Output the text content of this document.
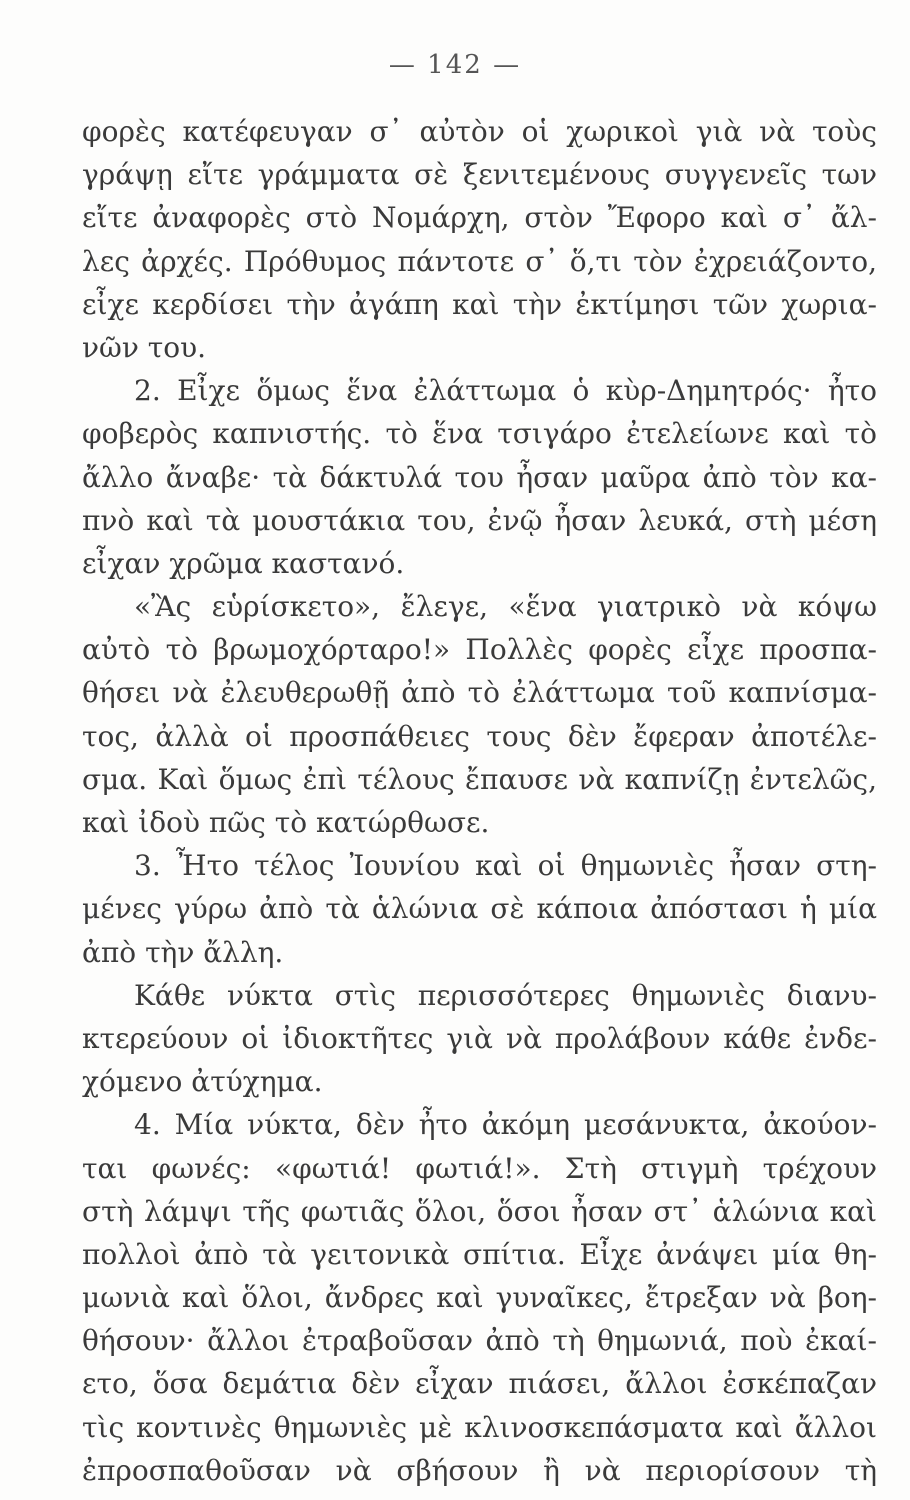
— 142 —
φορὲς κατέφευγαν σ᾿ αὐτὸν οἱ χωρικοὶ γιὰ νὰ τοὺς
γράψῃ εἴτε γράμματα σὲ ξενιτεμένους συγγενεῖς των
εἴτε ἀναφορὲς στὸ Νομάρχη, στὸν Ἔφορο καὶ σ᾿ ἄλ-
λες ἀρχές. Πρόθυμος πάντοτε σ᾿ ὅ,τι τὸν ἐχρειάζοντο,
εἶχε κερδίσει τὴν ἀγάπη καὶ τὴν ἐκτίμησι τῶν χωρια-
νῶν του.
2. Εἶχε ὅμως ἕνα ἐλάττωμα ὁ κὺρ-Δημητρός· ἦτο
φοβερὸς καπνιστής. τὸ ἕνα τσιγάρο ἐτελείωνε καὶ τὸ
ἄλλο ἄναβε· τὰ δάκτυλά του ἦσαν μαῦρα ἀπὸ τὸν κα-
πνὸ καὶ τὰ μουστάκια του, ἐνῷ ἦσαν λευκά, στὴ μέση
εἶχαν χρῶμα καστανό.
«Ἂς εὑρίσκετο», ἔλεγε, «ἕνα γιατρικὸ νὰ κόψω
αὐτὸ τὸ βρωμοχόρταρο!» Πολλὲς φορὲς εἶχε προσπα-
θήσει νὰ ἐλευθερωθῇ ἀπὸ τὸ ἐλάττωμα τοῦ καπνίσμα-
τος, ἀλλὰ οἱ προσπάθειες τους δὲν ἔφεραν ἀποτέλε-
σμα. Καὶ ὅμως ἐπὶ τέλους ἔπαυσε νὰ καπνίζῃ ἐντελῶς,
καὶ ἰδοὺ πῶς τὸ κατώρθωσε.
3. Ἦτο τέλος Ἰουνίου καὶ οἱ θημωνιὲς ἦσαν στη-
μένες γύρω ἀπὸ τὰ ἁλώνια σὲ κάποια ἀπόστασι ἡ μία
ἀπὸ τὴν ἄλλη.
Κάθε νύκτα στὶς περισσότερες θημωνιὲς διανυ-
κτερεύουν οἱ ἰδιοκτῆτες γιὰ νὰ προλάβουν κάθε ἐνδε-
χόμενο ἀτύχημα.
4. Μία νύκτα, δὲν ἦτο ἀκόμη μεσάνυκτα, ἀκούον-
ται φωνές: «φωτιά! φωτιά!». Στὴ στιγμὴ τρέχουν
στὴ λάμψι τῆς φωτιᾶς ὅλοι, ὅσοι ἦσαν στ᾿ ἁλώνια καὶ
πολλοὶ ἀπὸ τὰ γειτονικὰ σπίτια. Εἶχε ἀνάψει μία θη-
μωνιὰ καὶ ὅλοι, ἄνδρες καὶ γυναῖκες, ἔτρεξαν νὰ βοη-
θήσουν· ἄλλοι ἐτραβοῦσαν ἀπὸ τὴ θημωνιά, ποὺ ἐκαί-
ετο, ὅσα δεμάτια δὲν εἶχαν πιάσει, ἄλλοι ἐσκέπαζαν
τὶς κοντινὲς θημωνιὲς μὲ κλινοσκεπάσματα καὶ ἄλλοι
ἐπροσπαθοῦσαν νὰ σβήσουν ἢ νὰ περιορίσουν τὴ
